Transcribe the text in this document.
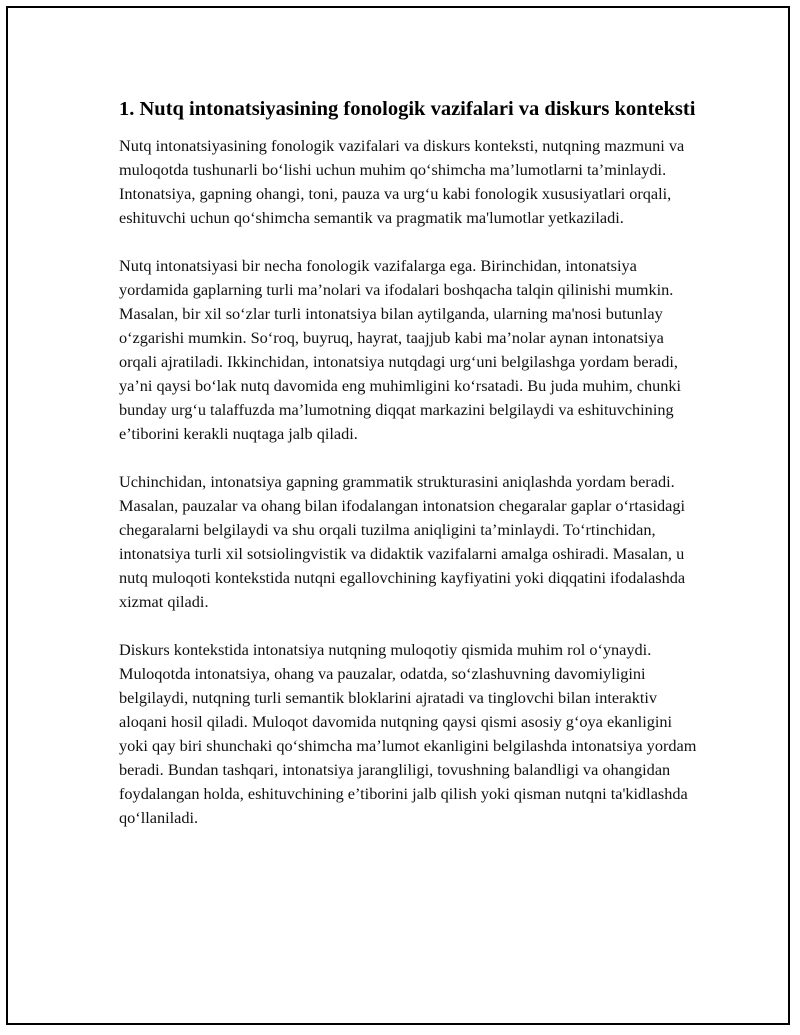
1. Nutq intonatsiyasining fonologik vazifalari va diskurs konteksti

Nutq intonatsiyasining fonologik vazifalari va diskurs konteksti, nutqning mazmuni va muloqotda tushunarli bo‘lishi uchun muhim qo‘shimcha ma’lumotlarni ta’minlaydi. Intonatsiya, gapning ohangi, toni, pauza va urg‘u kabi fonologik xususiyatlari orqali, eshituvchi uchun qo‘shimcha semantik va pragmatik ma'lumotlar yetkaziladi.

Nutq intonatsiyasi bir necha fonologik vazifalarga ega. Birinchidan, intonatsiya yordamida gaplarning turli ma’nolari va ifodalari boshqacha talqin qilinishi mumkin. Masalan, bir xil so‘zlar turli intonatsiya bilan aytilganda, ularning ma'nosi butunlay o‘zgarishi mumkin. So‘roq, buyruq, hayrat, taajjub kabi ma’nolar aynan intonatsiya orqali ajratiladi. Ikkinchidan, intonatsiya nutqdagi urg‘uni belgilashga yordam beradi, ya’ni qaysi bo‘lak nutq davomida eng muhimligini ko‘rsatadi. Bu juda muhim, chunki bunday urg‘u talaffuzda ma’lumotning diqqat markazini belgilaydi va eshituvchining e’tiborini kerakli nuqtaga jalb qiladi.

Uchinchidan, intonatsiya gapning grammatik strukturasini aniqlashda yordam beradi. Masalan, pauzalar va ohang bilan ifodalangan intonatsion chegaralar gaplar o‘rtasidagi chegaralarni belgilaydi va shu orqali tuzilma aniqligini ta’minlaydi. To‘rtinchidan, intonatsiya turli xil sotsiolingvistik va didaktik vazifalarni amalga oshiradi. Masalan, u nutq muloqoti kontekstida nutqni egallovchining kayfiyatini yoki diqqatini ifodalashda xizmat qiladi.

Diskurs kontekstida intonatsiya nutqning muloqotiy qismida muhim rol o‘ynaydi. Muloqotda intonatsiya, ohang va pauzalar, odatda, so‘zlashuvning davomiyligini belgilaydi, nutqning turli semantik bloklarini ajratadi va tinglovchi bilan interaktiv aloqani hosil qiladi. Muloqot davomida nutqning qaysi qismi asosiy g‘oya ekanligini yoki qay biri shunchaki qo‘shimcha ma’lumot ekanligini belgilashda intonatsiya yordam beradi. Bundan tashqari, intonatsiya jarangliligi, tovushning balandligi va ohangidan foydalangan holda, eshituvchining e’tiborini jalb qilish yoki qisman nutqni ta'kidlashda qo‘llaniladi.
